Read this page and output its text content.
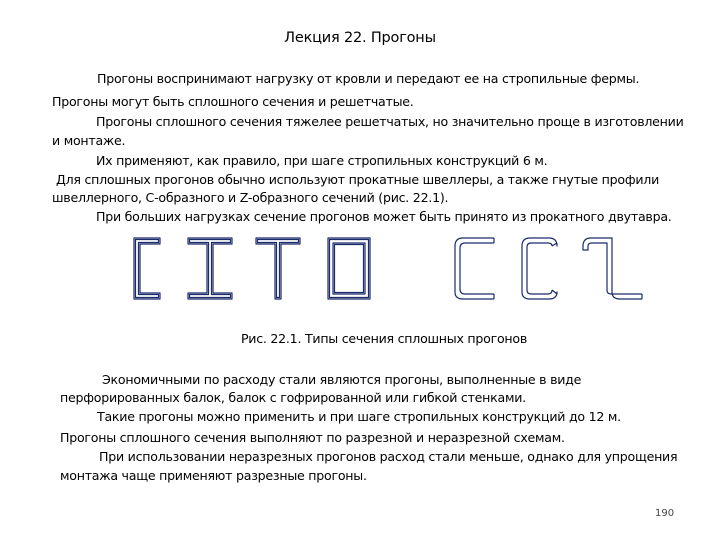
Лекция 22. Прогоны
Прогоны воспринимают нагрузку от кровли и передают ее на стропильные фермы.
Прогоны могут быть сплошного сечения и решетчатые.
Прогоны сплошного сечения тяжелее решетчатых, но значительно проще в изготовлении
и монтаже.
Их применяют, как правило, при шаге стропильных конструкций 6 м.
Для сплошных прогонов обычно используют прокатные швеллеры, а также гнутые профили
швеллерного, С-образного и Z-образного сечений (рис. 22.1).
При больших нагрузках сечение прогонов может быть принято из прокатного двутавра.
Рис. 22.1. Типы сечения сплошных прогонов
Экономичными по расходу стали являются прогоны, выполненные в виде
перфорированных балок, балок с гофрированной или гибкой стенками.
Такие прогоны можно применить и при шаге стропильных конструкций до 12 м.
Прогоны сплошного сечения выполняют по разрезной и неразрезной схемам.
При использовании неразрезных прогонов расход стали меньше, однако для упрощения
монтажа чаще применяют разрезные прогоны.
190
